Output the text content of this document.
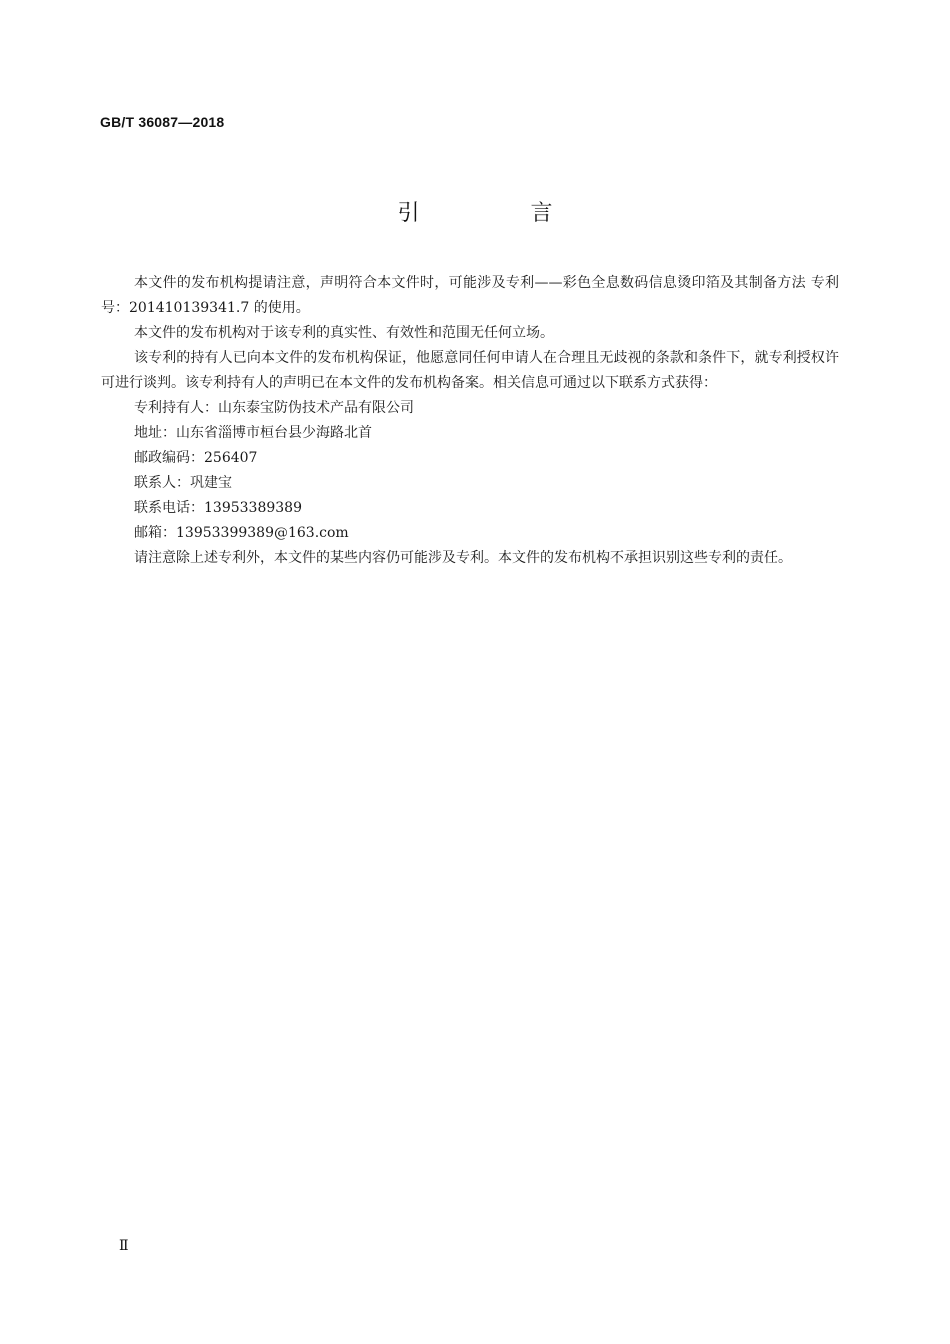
GB/T 36087—2018
引 言

本文件的发布机构提请注意，声明符合本文件时，可能涉及专利——彩色全息数码信息烫印箔及其制备方法 专利号：201410139341.7 的使用。

本文件的发布机构对于该专利的真实性、有效性和范围无任何立场。

该专利的持有人已向本文件的发布机构保证，他愿意同任何申请人在合理且无歧视的条款和条件下，就专利授权许可进行谈判。该专利持有人的声明已在本文件的发布机构备案。相关信息可通过以下联系方式获得：

专利持有人：山东泰宝防伪技术产品有限公司
地址：山东省淄博市桓台县少海路北首
邮政编码：256407
联系人：巩建宝
联系电话：13953389389
邮箱：13953399389@163.com

请注意除上述专利外，本文件的某些内容仍可能涉及专利。本文件的发布机构不承担识别这些专利的责任。

Ⅱ
